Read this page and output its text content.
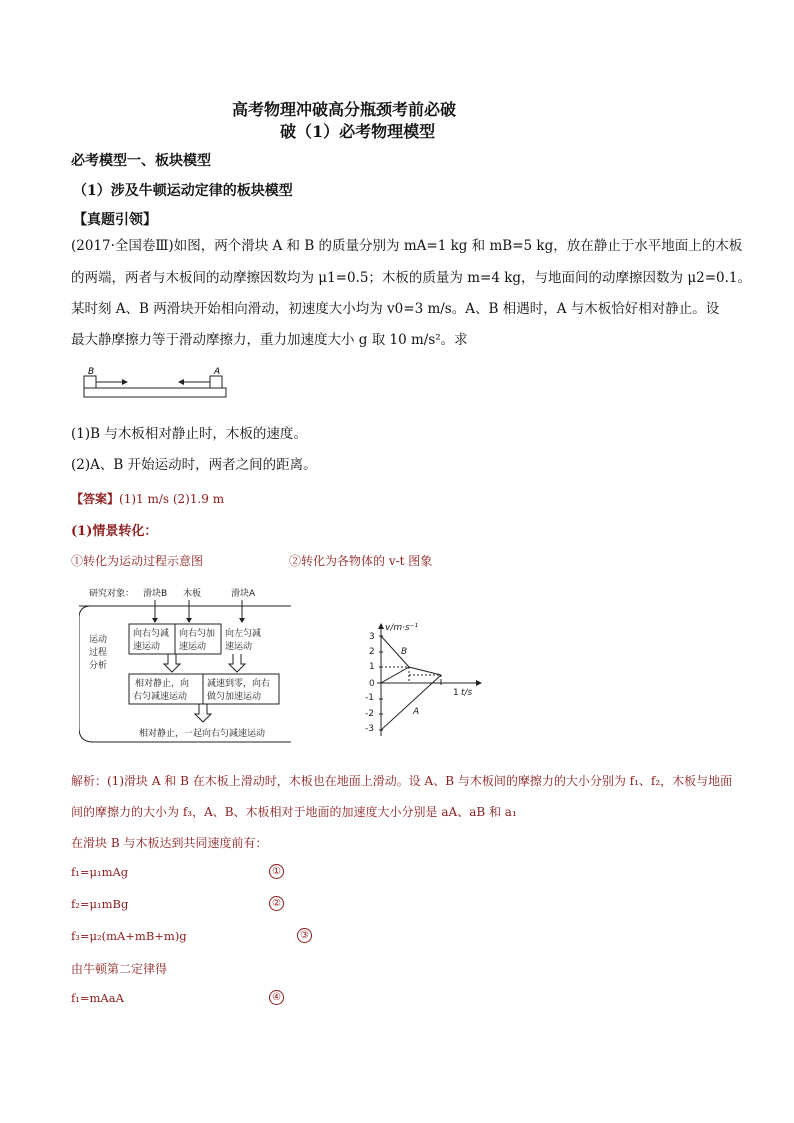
高考物理冲破高分瓶颈考前必破
破（1）必考物理模型
必考模型一、板块模型
（1）涉及牛顿运动定律的板块模型
【真题引领】
(2017·全国卷Ⅲ)如图，两个滑块 A 和 B 的质量分别为 mA=1 kg 和 mB=5 kg，放在静止于水平地面上的木板
的两端，两者与木板间的动摩擦因数均为 μ1=0.5；木板的质量为 m=4 kg，与地面间的动摩擦因数为 μ2=0.1。
某时刻 A、B 两滑块开始相向滑动，初速度大小均为 v0=3 m/s。A、B 相遇时，A 与木板恰好相对静止。设
最大静摩擦力等于滑动摩擦力，重力加速度大小 g 取 10 m/s²。求
B	A
(1)B 与木板相对静止时，木板的速度。
(2)A、B 开始运动时，两者之间的距离。
【答案】(1)1 m/s (2)1.9 m
(1)情景转化：
①转化为运动过程示意图	②转化为各物体的 v-t 图象
研究对象： 滑块B 木板	滑块A
运动
过程
分析
向右匀减
速运动
向右匀加
速运动
向左匀减
速运动
相对静止，向
右匀减速运动
减速到零，向右
做匀加速运动
相对静止，一起向右匀减速运动
v/m·s⁻¹
t/s
3
2
1
0
-1
-2
-3
1
B
A
解析：(1)滑块 A 和 B 在木板上滑动时，木板也在地面上滑动。设 A、B 与木板间的摩擦力的大小分别为 f₁、f₂，木板与地面
间的摩擦力的大小为 f₃，A、B、木板相对于地面的加速度大小分别是 aA、aB 和 a₁
在滑块 B 与木板达到共同速度前有：
f₁=μ₁mAg	①
f₂=μ₁mBg	②
f₃=μ₂(mA+mB+m)g	③
由牛顿第二定律得
f₁=mAaA	④
